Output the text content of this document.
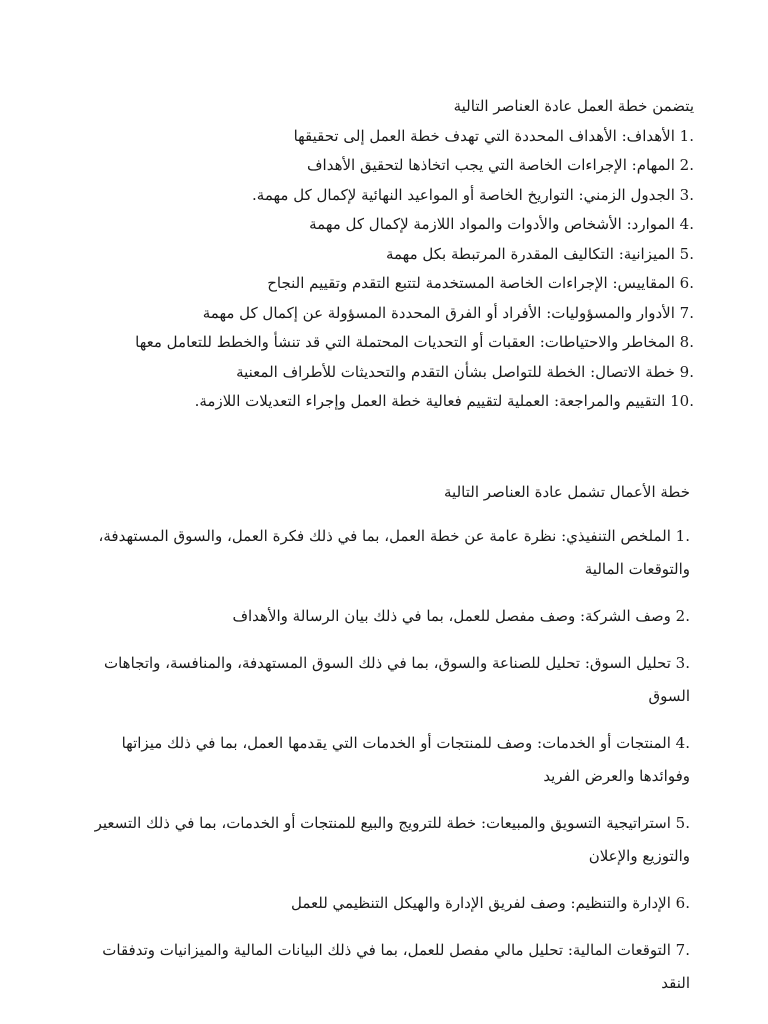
يتضمن خطة العمل عادة العناصر التالية

.1 الأهداف: الأهداف المحددة التي تهدف خطة العمل إلى تحقيقها
.2 المهام: الإجراءات الخاصة التي يجب اتخاذها لتحقيق الأهداف
.3 الجدول الزمني: التواريخ الخاصة أو المواعيد النهائية لإكمال كل مهمة.
.4 الموارد: الأشخاص والأدوات والمواد اللازمة لإكمال كل مهمة
.5 الميزانية: التكاليف المقدرة المرتبطة بكل مهمة
.6 المقاييس: الإجراءات الخاصة المستخدمة لتتبع التقدم وتقييم النجاح
.7 الأدوار والمسؤوليات: الأفراد أو الفرق المحددة المسؤولة عن إكمال كل مهمة
.8 المخاطر والاحتياطات: العقبات أو التحديات المحتملة التي قد تنشأ والخطط للتعامل معها
.9 خطة الاتصال: الخطة للتواصل بشأن التقدم والتحديثات للأطراف المعنية
.10 التقييم والمراجعة: العملية لتقييم فعالية خطة العمل وإجراء التعديلات اللازمة.

خطة الأعمال تشمل عادة العناصر التالية

.1 الملخص التنفيذي: نظرة عامة عن خطة العمل، بما في ذلك فكرة العمل، والسوق المستهدفة، والتوقعات المالية
.2 وصف الشركة: وصف مفصل للعمل، بما في ذلك بيان الرسالة والأهداف
.3 تحليل السوق: تحليل للصناعة والسوق، بما في ذلك السوق المستهدفة، والمنافسة، واتجاهات السوق
.4 المنتجات أو الخدمات: وصف للمنتجات أو الخدمات التي يقدمها العمل، بما في ذلك ميزاتها وفوائدها والعرض الفريد
.5 استراتيجية التسويق والمبيعات: خطة للترويج والبيع للمنتجات أو الخدمات، بما في ذلك التسعير والتوزيع والإعلان
.6 الإدارة والتنظيم: وصف لفريق الإدارة والهيكل التنظيمي للعمل
.7 التوقعات المالية: تحليل مالي مفصل للعمل، بما في ذلك البيانات المالية والميزانيات وتدفقات النقد
